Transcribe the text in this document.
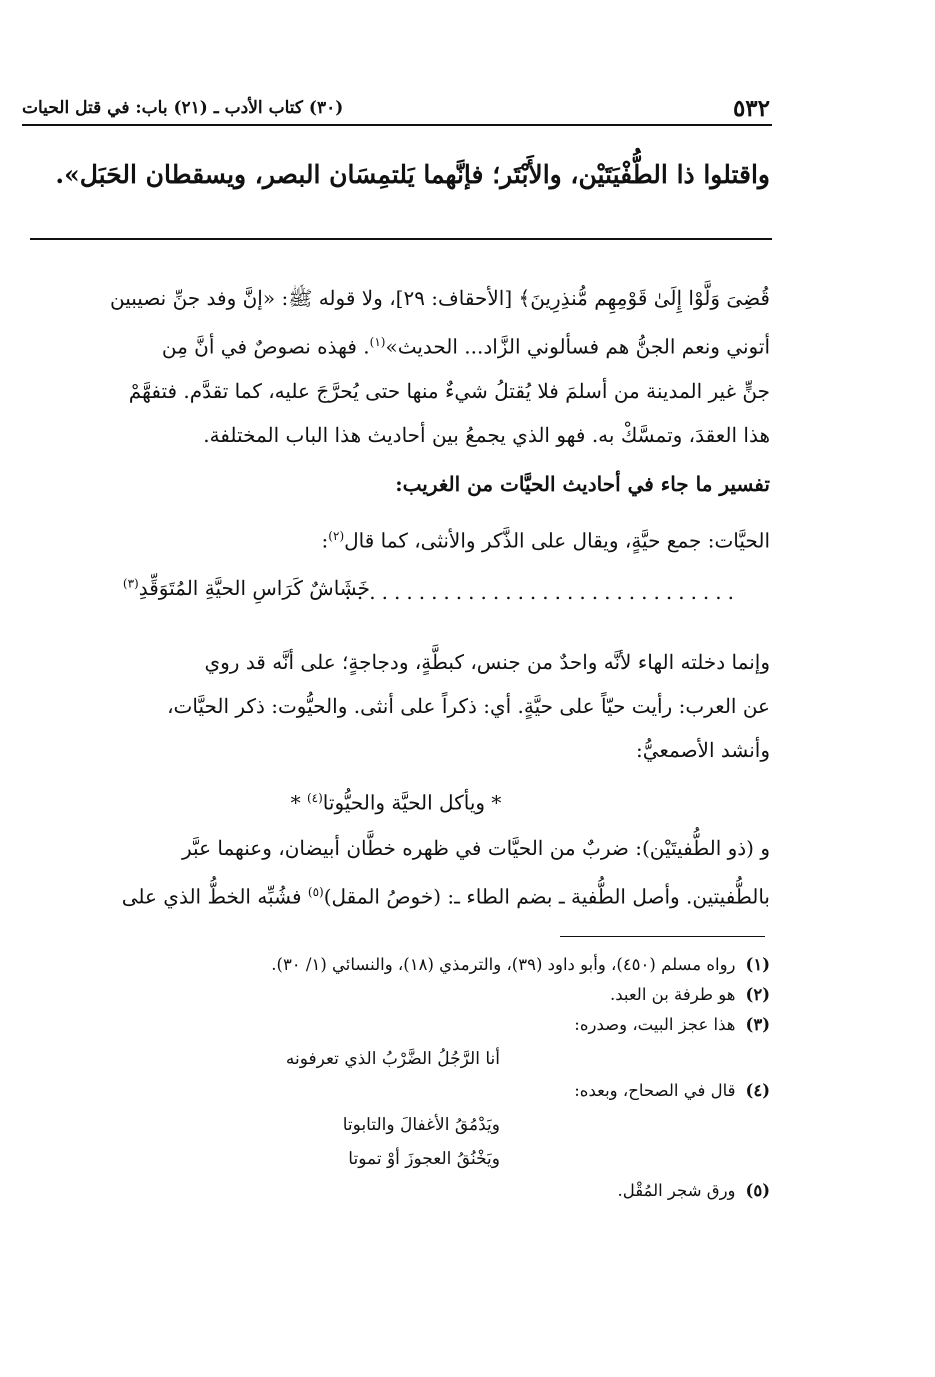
٥٣٢
(٣٠) كتاب الأدب ـ (٢١) باب: في قتل الحيات
واقتلوا ذا الطُّفْيَتَيْن، والأَبْتَر؛ فإنَّهما يَلتمِسَان البصر، ويسقطان الحَبَل».
قُضِىَ وَلَّوْا إِلَىٰ قَوْمِهِم مُّنذِرِينَ﴾ [الأحقاف: ٢٩]، ولا قوله ﷺ: «إنَّ وفد جنِّ نصيبين
أتوني ونعم الجنُّ هم فسألوني الزَّاد... الحديث»$^{(١)}$. فهذه نصوصٌ في أنَّ مِن
جنٍّ غير المدينة من أسلمَ فلا يُقتلُ شيءٌ منها حتى يُحرَّجَ عليه، كما تقدَّم. فتفهَّمْ
هذا العقدَ، وتمسَّكْ به. فهو الذي يجمعُ بين أحاديث هذا الباب المختلفة.
تفسير ما جاء في أحاديث الحيَّات من الغريب:
الحيَّات: جمع حيَّةٍ، ويقال على الذَّكر والأنثى، كما قال$^{(٢)}$:
................................
خَشَاشٌ كَرَاسِ الحيَّةِ المُتَوَقِّدِ$^{(٣)}$
وإنما دخلته الهاء لأنَّه واحدٌ من جنس، كبطَّةٍ، ودجاجةٍ؛ على أنَّه قد روي
عن العرب: رأيت حيّاً على حيَّةٍ. أي: ذكراً على أنثى. والحيُّوت: ذكر الحيَّات،
وأنشد الأصمعيُّ:
* ويأكل الحيَّة والحيُّوتا$^{(٤)}$ *
و (ذو الطُّفيتَيْن): ضربٌ من الحيَّات في ظهره خطَّان أبيضان، وعنهما عبَّر
بالطُّفيتين. وأصل الطُّفية ـ بضم الطاء ـ: (خوصُ المقل)$^{(٥)}$ فشُبِّه الخطُّ الذي على
(١)رواه مسلم (٤٥٠)، وأبو داود (٣٩)، والترمذي (١٨)، والنسائي (١/ ٣٠).
(٢)هو طرفة بن العبد.
(٣)هذا عجز البيت، وصدره:
أنا الرَّجُلُ الضَّرْبُ الذي تعرفونه
(٤)قال في الصحاح، وبعده:
ويَدْمُقُ الأغفالَ والتابوتا
ويَخْنُقُ العجوزَ أوْ تموتا
(٥)ورق شجر المُقْل.
